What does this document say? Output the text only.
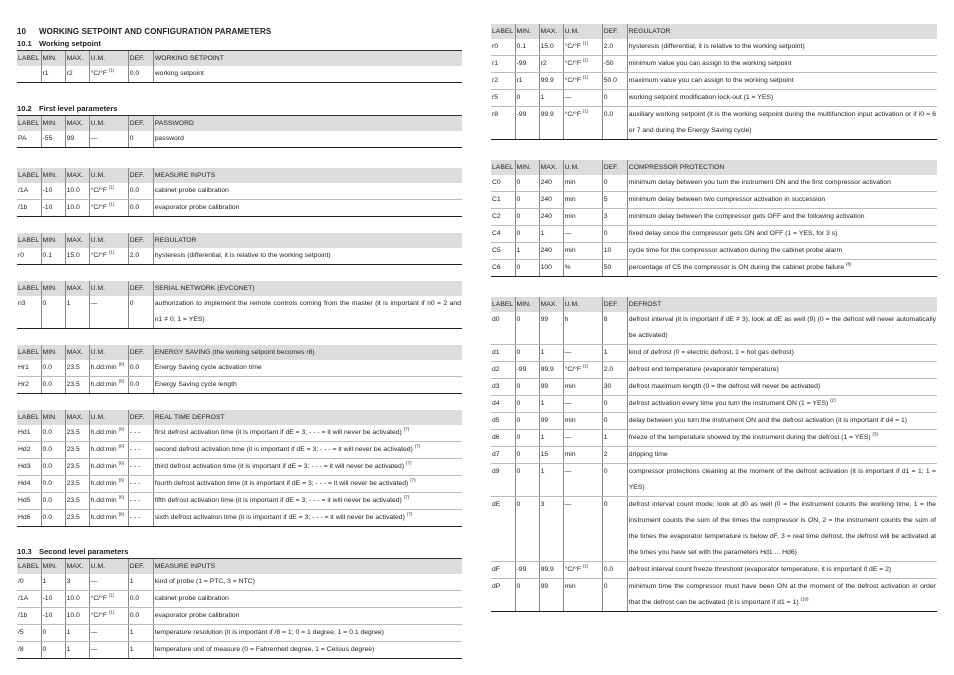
10 WORKING SETPOINT AND CONFIGURATION PARAMETERS
10.1 Working setpoint
LABEL	MIN.	MAX.	U.M.	DEF.	WORKING SETPOINT
	r1	r2	°C/°F $^{(1)}$	0.0	working setpoint
10.2 First level parameters
LABEL	MIN.	MAX.	U.M.	DEF.	PASSWORD
PA	-55	99	—	0	password
LABEL	MIN.	MAX.	U.M.	DEF.	MEASURE INPUTS
/1A	-10	10.0	°C/°F $^{(1)}$	0.0	cabinet probe calibration
/1b	-10	10.0	°C/°F $^{(1)}$	0.0	evaporator probe calibration
LABEL	MIN.	MAX.	U.M.	DEF.	REGULATOR
r0	0.1	15.0	°C/°F $^{(1)}$	2.0	hysteresis (differential, it is relative to the working setpoint)
LABEL	MIN.	MAX.	U.M.	DEF.	SERIAL NETWORK (EVCONET)
n3	0	1	—	0	authorization to implement the remote controls coming from the master (it is important if n0 = 2 and n1 ≠ 0; 1 = YES)
LABEL	MIN.	MAX.	U.M.	DEF.	ENERGY SAVING (the working setpoint becomes r8)
Hr1	0.0	23.5	h.dd:min $^{(6)}$	0.0	Energy Saving cycle activation time
Hr2	0.0	23.5	h.dd:min $^{(6)}$	0.0	Energy Saving cycle length
LABEL	MIN.	MAX.	U.M.	DEF.	REAL TIME DEFROST
Hd1	0.0	23.5	h.dd:min $^{(6)}$	- - -	first defrost activation time (it is important if dE = 3; - - - = it will never be activated) $^{(7)}$
Hd2	0.0	23.5	h.dd:min $^{(6)}$	- - -	second defrost activation time (it is important if dE = 3; - - - = it will never be activated) $^{(7)}$
Hd3	0.0	23.5	h.dd:min $^{(6)}$	- - -	third defrost activation time (it is important if dE = 3; - - - = it will never be activated) $^{(7)}$
Hd4	0.0	23.5	h.dd:min $^{(6)}$	- - -	fourth defrost activation time (it is important if dE = 3; - - - = it will never be activated) $^{(7)}$
Hd5	0.0	23.5	h.dd:min $^{(6)}$	- - -	fifth defrost activation time (it is important if dE = 3; - - - = it will never be activated) $^{(7)}$
Hd6	0.0	23.5	h.dd:min $^{(6)}$	- - -	sixth defrost activation time (it is important if dE = 3; - - - = it will never be activated) $^{(7)}$
10.3 Second level parameters
LABEL	MIN.	MAX.	U.M.	DEF.	MEASURE INPUTS
/0	1	3	—	1	kind of probe (1 = PTC, 3 = NTC)
/1A	-10	10.0	°C/°F $^{(1)}$	0.0	cabinet probe calibration
/1b	-10	10.0	°C/°F $^{(1)}$	0.0	evaporator probe calibration
/5	0	1	—	1	temperature resolution (it is important if /8 = 1; 0 = 1 degree, 1 = 0.1 degree)
/8	0	1	—	1	temperature unit of measure (0 = Fahrenheit degree, 1 = Celsius degree)
LABEL	MIN.	MAX.	U.M.	DEF.	REGULATOR
r0	0.1	15.0	°C/°F $^{(1)}$	2.0	hysteresis (differential, it is relative to the working setpoint)
r1	-99	r2	°C/°F $^{(1)}$	-50	minimum value you can assign to the working setpoint
r2	r1	99.9	°C/°F $^{(1)}$	50.0	maximum value you can assign to the working setpoint
r5	0	1	—	0	working setpoint modification lock-out (1 = YES)
r8	-99	99.9	°C/°F $^{(1)}$	0.0	auxiliary working setpoint (it is the working setpoint during the multifunction input activation or if i0 = 6 or 7 and during the Energy Saving cycle)
LABEL	MIN.	MAX.	U.M.	DEF.	COMPRESSOR PROTECTION
C0	0	240	min	0	minimum delay between you turn the instrument ON and the first compressor activation
C1	0	240	min	5	minimum delay between two compressor activation in succession
C2	0	240	min	3	minimum delay between the compressor gets OFF and the following activation
C4	0	1	—	0	fixed delay since the compressor gets ON and OFF (1 = YES, for 3 s)
C5	1	240	min	10	cycle time for the compressor activation during the cabinet probe alarm
C6	0	100	%	50	percentage of C5 the compressor is ON during the cabinet probe failure $^{(8)}$
LABEL	MIN.	MAX.	U.M.	DEF.	DEFROST
d0	0	99	h	8	defrost interval (it is important if dE ≠ 3); look at dE as well (9) (0 = the defrost will never automatically be activated)
d1	0	1	—	1	kind of defrost (0 = electric defrost, 1 = hot gas defrost)
d2	-99	99.9	°C/°F $^{(1)}$	2.0	defrost end temperature (evaporator temperature)
d3	0	99	min	30	defrost maximum length (0 = the defrost will never be activated)
d4	0	1	—	0	defrost activation every time you turn the instrument ON (1 = YES) $^{(2)}$
d5	0	99	min	0	delay between you turn the instrument ON and the defrost activation (it is important if d4 = 1)
d6	0	1	—	1	freeze of the temperature showed by the instrument during the defrost (1 = YES) $^{(3)}$
d7	0	15	min	2	dripping time
d9	0	1	—	0	compressor protections cleaning at the moment of the defrost activation (it is important if d1 = 1; 1 = YES)
dE	0	3	—	0	defrost interval count mode; look at d0 as well (0 = the instrument counts the working time, 1 = the instrument counts the sum of the times the compressor is ON, 2 = the instrument counts the sum of the times the evaporator temperature is below dF, 3 = real time defrost, the defrost will be activated at the times you have set with the parameters Hd1 ... Hd6)
dF	-99	99.9	°C/°F $^{(1)}$	0.0	defrost interval count freeze threshold (evaporator temperature, it is important if dE = 2)
dP	0	99	min	0	minimum time the compressor must have been ON at the moment of the defrost activation in order that the defrost can be activated (it is important if d1 = 1) $^{(10)}$
